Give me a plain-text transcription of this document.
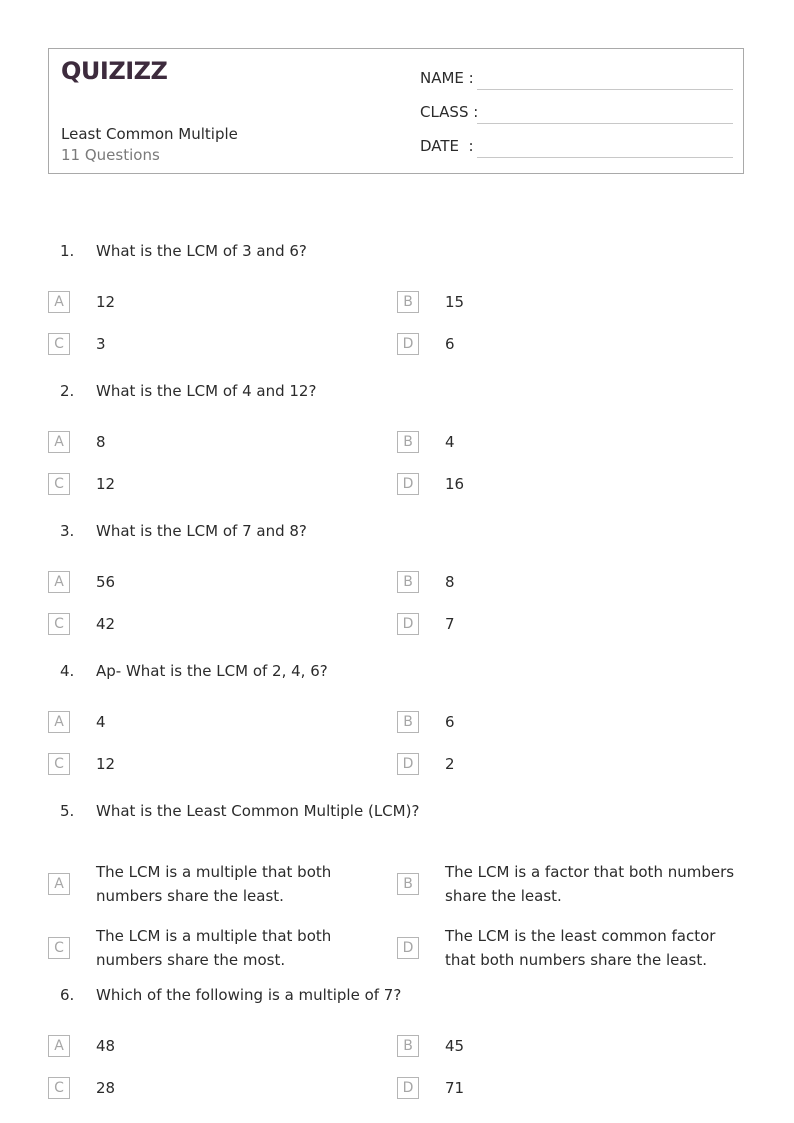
QUIZIZZ
Least Common Multiple
11 Questions
NAME :
CLASS :
DATE  :
1. What is the LCM of 3 and 6?
A	12	B	15
C	3	D	6
2. What is the LCM of 4 and 12?
A	8	B	4
C	12	D	16
3. What is the LCM of 7 and 8?
A	56	B	8
C	42	D	7
4. Ap- What is the LCM of 2, 4, 6?
A	4	B	6
C	12	D	2
5. What is the Least Common Multiple (LCM)?
A
The LCM is a multiple that both numbers share the least.
B
The LCM is a factor that both numbers share the least.
C
The LCM is a multiple that both numbers share the most.
D
The LCM is the least common factor that both numbers share the least.
6. Which of the following is a multiple of 7?
A	48	B	45
C	28	D	71
